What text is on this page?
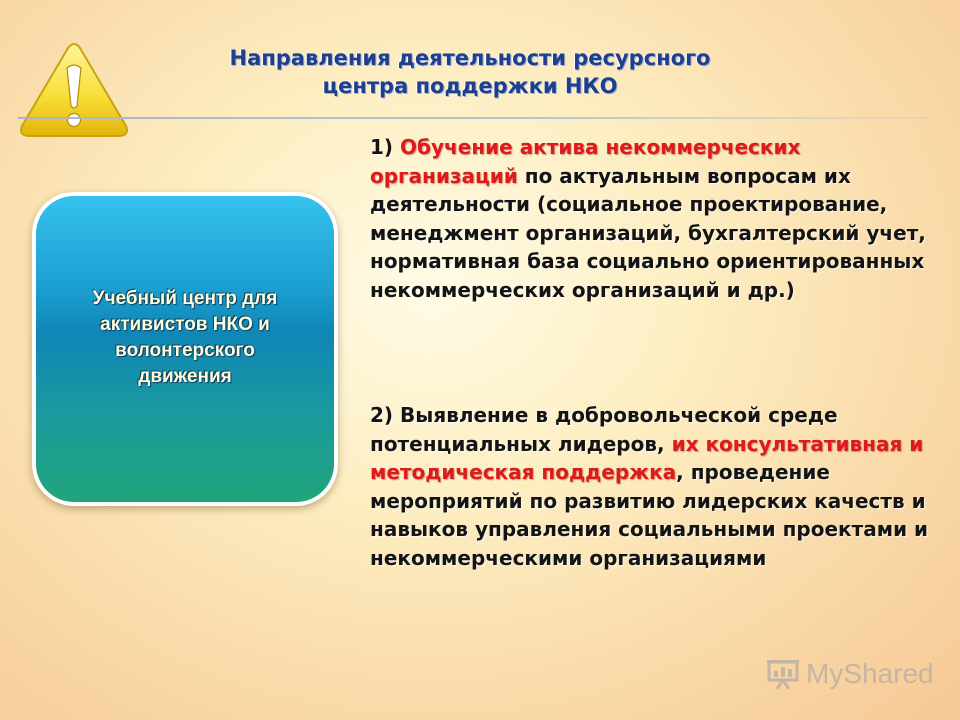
Направления деятельности ресурсного
центра поддержки НКО
Учебный центр для
активистов НКО и
волонтерского
движения
1) Обучение актива некоммерческих организаций по актуальным вопросам их деятельности (социальное проектирование, менеджмент организаций, бухгалтерский учет, нормативная база социально ориентированных некоммерческих организаций и др.)
2) Выявление в добровольческой среде потенциальных лидеров, их консультативная и методическая поддержка, проведение мероприятий по развитию лидерских качеств и навыков управления социальными проектами и некоммерческими организациями
MyShared
